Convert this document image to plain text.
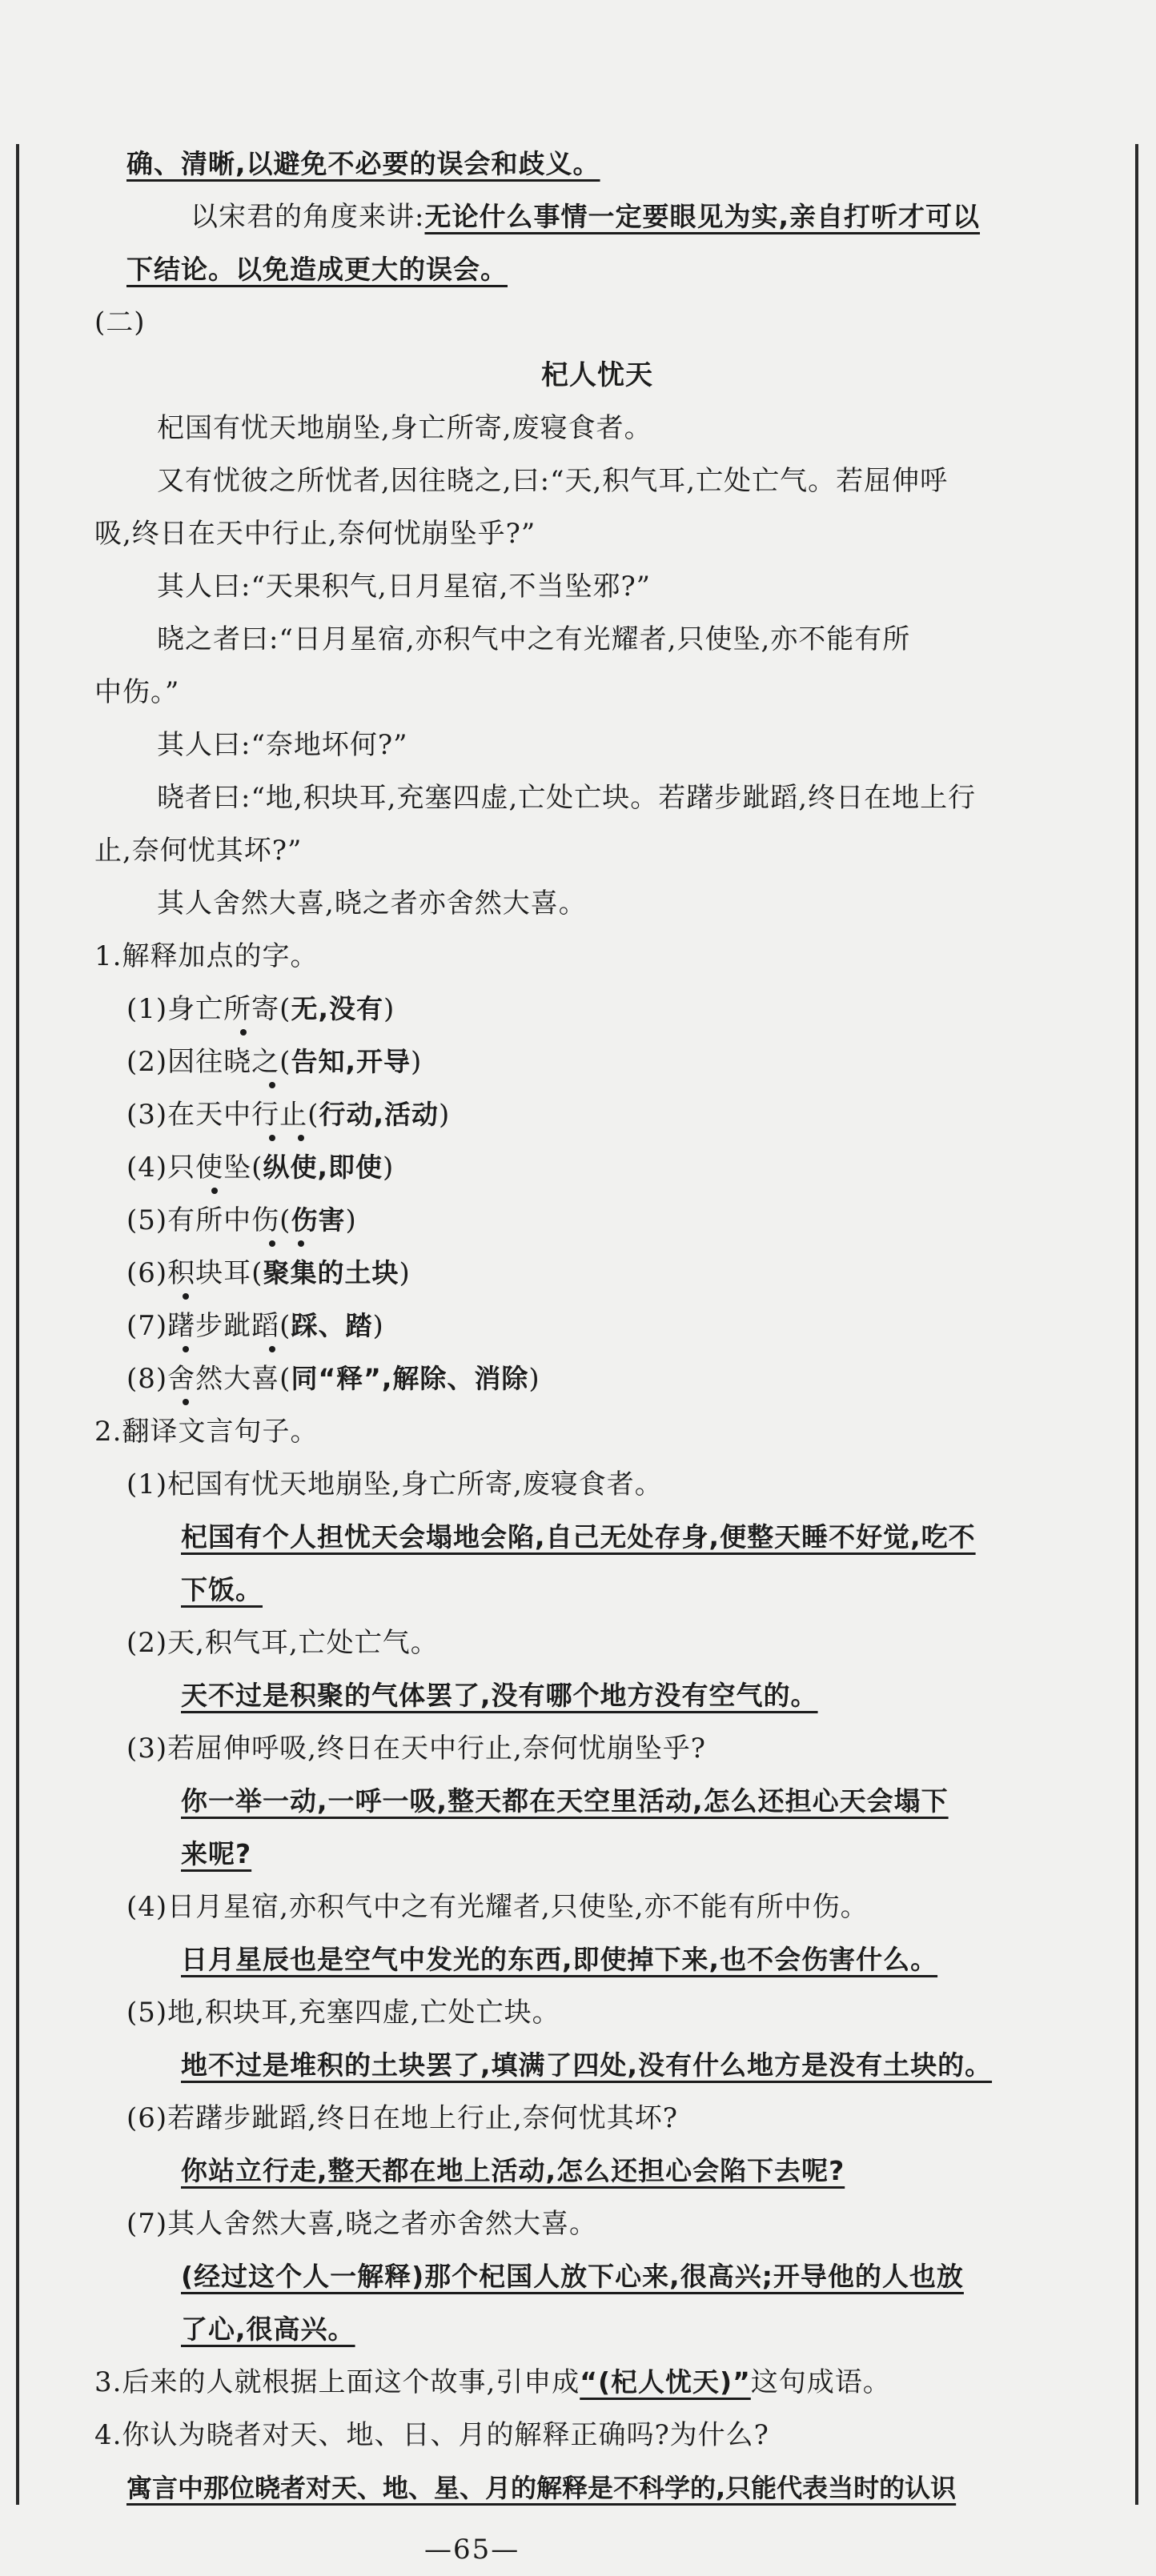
确、清晰,以避免不必要的误会和歧义。
以宋君的角度来讲:无论什么事情一定要眼见为实,亲自打听才可以
下结论。以免造成更大的误会。
(二)
杞人忧天
杞国有忧天地崩坠,身亡所寄,废寝食者。
又有忧彼之所忧者,因往晓之,曰:“天,积气耳,亡处亡气。若屈伸呼
吸,终日在天中行止,奈何忧崩坠乎?”
其人曰:“天果积气,日月星宿,不当坠邪?”
晓之者曰:“日月星宿,亦积气中之有光耀者,只使坠,亦不能有所
中伤。”
其人曰:“奈地坏何?”
晓者曰:“地,积块耳,充塞四虚,亡处亡块。若躇步跐蹈,终日在地上行
止,奈何忧其坏?”
其人舍然大喜,晓之者亦舍然大喜。
1.解释加点的字。
(1)身亡所寄(无,没有)
(2)因往晓之(告知,开导)
(3)在天中行止(行动,活动)
(4)只使坠(纵使,即使)
(5)有所中伤(伤害)
(6)积块耳(聚集的土块)
(7)躇步跐蹈(踩、踏)
(8)舍然大喜(同“释”,解除、消除)
2.翻译文言句子。
(1)杞国有忧天地崩坠,身亡所寄,废寝食者。
杞国有个人担忧天会塌地会陷,自己无处存身,便整天睡不好觉,吃不
下饭。
(2)天,积气耳,亡处亡气。
天不过是积聚的气体罢了,没有哪个地方没有空气的。
(3)若屈伸呼吸,终日在天中行止,奈何忧崩坠乎?
你一举一动,一呼一吸,整天都在天空里活动,怎么还担心天会塌下
来呢?
(4)日月星宿,亦积气中之有光耀者,只使坠,亦不能有所中伤。
日月星辰也是空气中发光的东西,即使掉下来,也不会伤害什么。
(5)地,积块耳,充塞四虚,亡处亡块。
地不过是堆积的土块罢了,填满了四处,没有什么地方是没有土块的。
(6)若躇步跐蹈,终日在地上行止,奈何忧其坏?
你站立行走,整天都在地上活动,怎么还担心会陷下去呢?
(7)其人舍然大喜,晓之者亦舍然大喜。
(经过这个人一解释)那个杞国人放下心来,很高兴;开导他的人也放
了心,很高兴。
3.后来的人就根据上面这个故事,引申成“(杞人忧天)”这句成语。
4.你认为晓者对天、地、日、月的解释正确吗?为什么?
寓言中那位晓者对天、地、星、月的解释是不科学的,只能代表当时的认识
—65—
